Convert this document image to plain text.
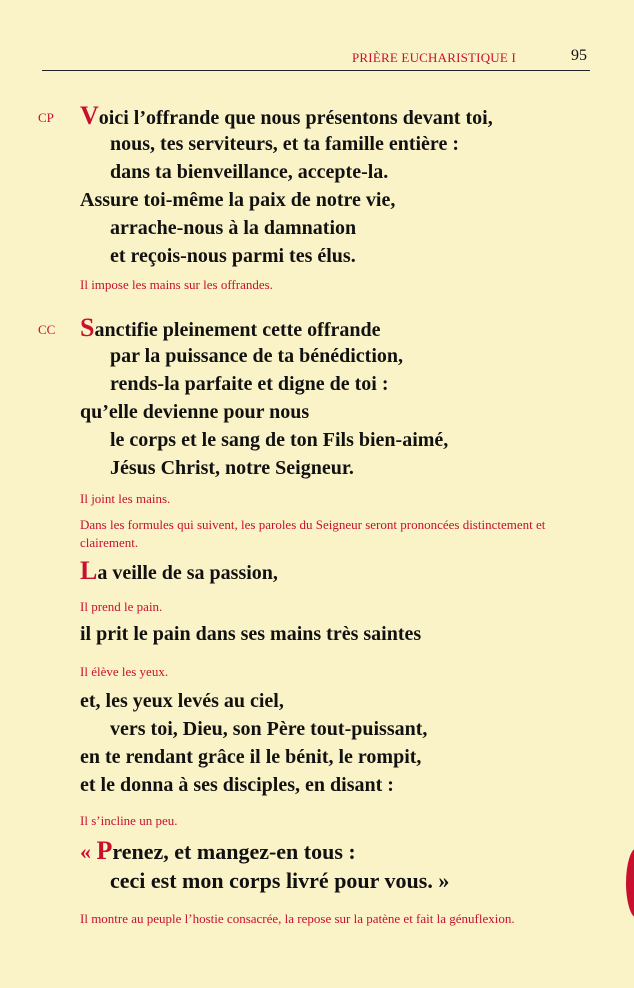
PRIÈRE EUCHARISTIQUE I	95
CP Voici l’offrande que nous présentons devant toi,
nous, tes serviteurs, et ta famille entière :
dans ta bienveillance, accepte-la.
Assure toi-même la paix de notre vie,
arrache-nous à la damnation
et reçois-nous parmi tes élus.
Il impose les mains sur les offrandes.
CC Sanctifie pleinement cette offrande
par la puissance de ta bénédiction,
rends-la parfaite et digne de toi :
qu’elle devienne pour nous
le corps et le sang de ton Fils bien-aimé,
Jésus Christ, notre Seigneur.
Il joint les mains.
Dans les formules qui suivent, les paroles du Seigneur seront prononcées distinctement et clairement.
La veille de sa passion,
Il prend le pain.
il prit le pain dans ses mains très saintes
Il élève les yeux.
et, les yeux levés au ciel,
vers toi, Dieu, son Père tout-puissant,
en te rendant grâce il le bénit, le rompit,
et le donna à ses disciples, en disant :
Il s’incline un peu.
« Prenez, et mangez-en tous :
ceci est mon corps livré pour vous. »
Il montre au peuple l’hostie consacrée, la repose sur la patène et fait la génuflexion.
